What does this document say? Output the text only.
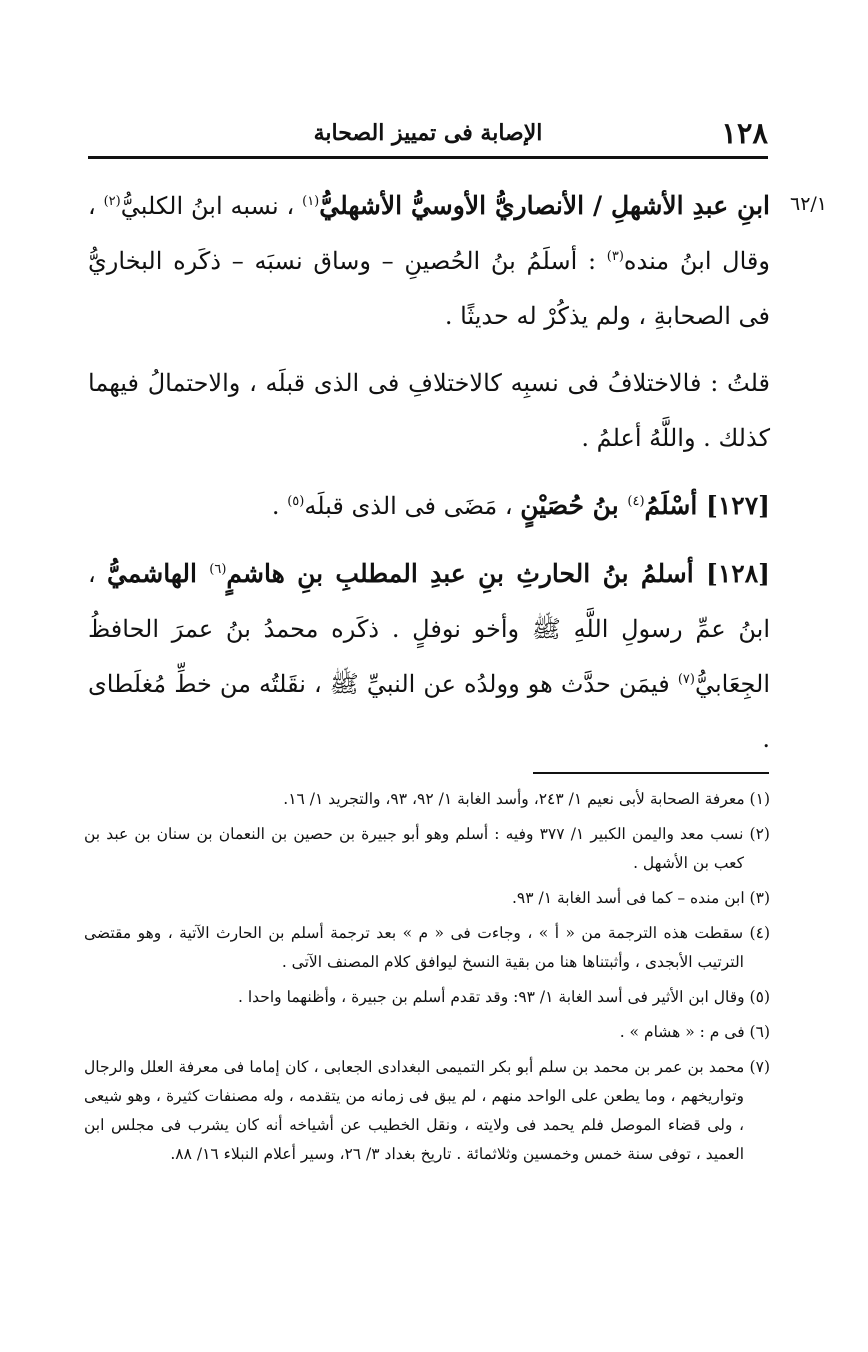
١٢٨
الإصابة فى تمييز الصحابة
٦٢/١

ابنِ عبدِ الأشهلِ / الأنصاريُّ الأوسيُّ الأشهليُّ$^{(١)}$ ، نسبه ابنُ الكلبيُّ$^{(٢)}$ ، وقال ابنُ منده$^{(٣)}$ : أسلَمُ بنُ الحُصينِ – وساق نسبَه – ذكَره البخاريُّ فى الصحابةِ ، ولم يذكُرْ له حديثًا .

قلتُ : فالاختلافُ فى نسبِه كالاختلافِ فى الذى قبلَه ، والاحتمالُ فيهما كذلك . واللَّهُ أعلمُ .

[١٢٧] أسْلَمُ$^{(٤)}$ بنُ حُصَيْنٍ ، مَضَى فى الذى قبلَه$^{(٥)}$ .

[١٢٨] أسلمُ بنُ الحارثِ بنِ عبدِ المطلبِ بنِ هاشمٍ$^{(٦)}$ الهاشميُّ ، ابنُ عمِّ رسولِ اللَّهِ ﷺ وأخو نوفلٍ . ذكَره محمدُ بنُ عمرَ الحافظُ الجِعَابيُّ$^{(٧)}$ فيمَن حدَّث هو وولدُه عن النبيِّ ﷺ ، نقَلتُه من خطِّ مُغلَطاى .

(١) معرفة الصحابة لأبى نعيم ١/ ٢٤٣، وأسد الغابة ١/ ٩٢، ٩٣، والتجريد ١/ ١٦.

(٢) نسب معد واليمن الكبير ١/ ٣٧٧ وفيه : أسلم وهو أبو جبيرة بن حصين بن النعمان بن سنان بن عبد بن كعب بن الأشهل .

(٣) ابن منده – كما فى أسد الغابة ١/ ٩٣.

(٤) سقطت هذه الترجمة من « أ » ، وجاءت فى « م » بعد ترجمة أسلم بن الحارث الآتية ، وهو مقتضى الترتيب الأبجدى ، وأثبتناها هنا من بقية النسخ ليوافق كلام المصنف الآتى .

(٥) وقال ابن الأثير فى أسد الغابة ١/ ٩٣: وقد تقدم أسلم بن جبيرة ، وأظنهما واحدا .

(٦) فى م : « هشام » .

(٧) محمد بن عمر بن محمد بن سلم أبو بكر التميمى البغدادى الجعابى ، كان إماما فى معرفة العلل والرجال وتواريخهم ، وما يطعن على الواحد منهم ، لم يبق فى زمانه من يتقدمه ، وله مصنفات كثيرة ، وهو شيعى ، ولى قضاء الموصل فلم يحمد فى ولايته ، ونقل الخطيب عن أشياخه أنه كان يشرب فى مجلس ابن العميد ، توفى سنة خمس وخمسين وثلاثمائة . تاريخ بغداد ٣/ ٢٦، وسير أعلام النبلاء ١٦/ ٨٨.
